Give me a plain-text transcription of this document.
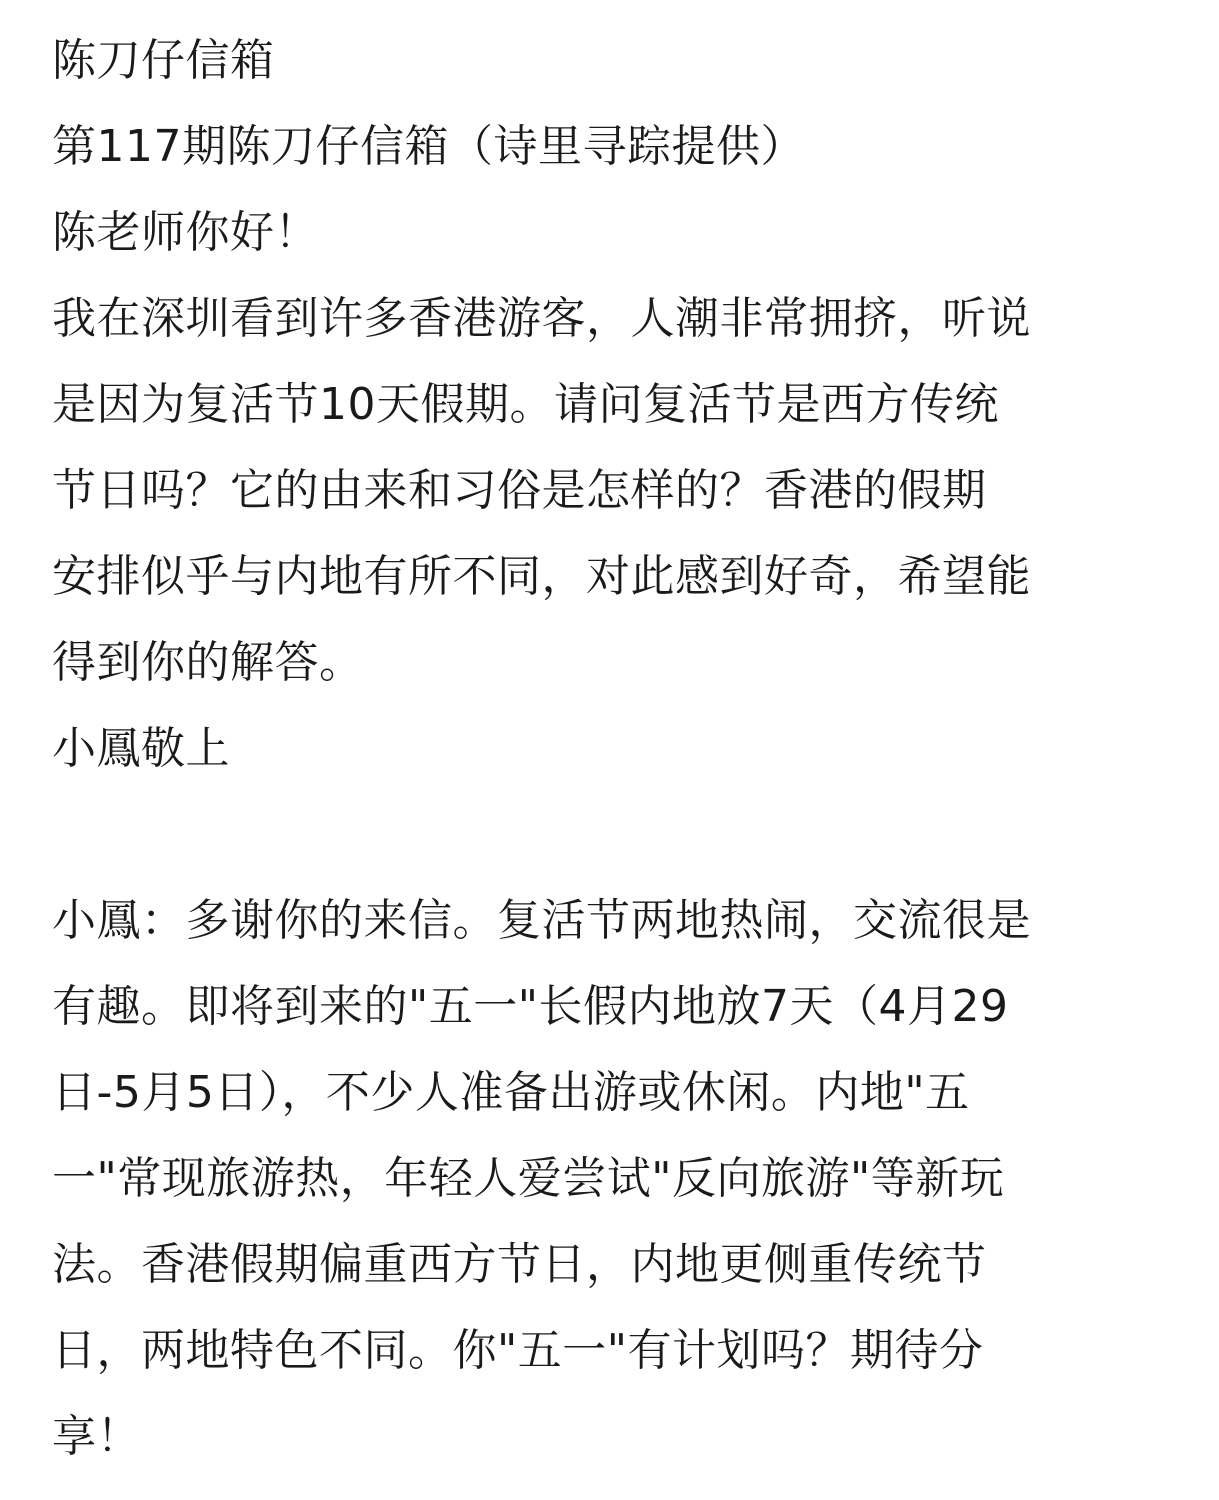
陈刀仔信箱
第117期陈刀仔信箱（诗里寻踪提供）
陈老师你好！
我在深圳看到许多香港游客，人潮非常拥挤，听说
是因为复活节10天假期。请问复活节是西方传统
节日吗？它的由来和习俗是怎样的？香港的假期
安排似乎与内地有所不同，对此感到好奇，希望能
得到你的解答。
小鳳敬上
小鳳：多谢你的来信。复活节两地热闹，交流很是
有趣。即将到来的"五一"长假内地放7天（4月29
日-5月5日），不少人准备出游或休闲。内地"五
一"常现旅游热，年轻人爱尝试"反向旅游"等新玩
法。香港假期偏重西方节日，内地更侧重传统节
日，两地特色不同。你"五一"有计划吗？期待分
享！
